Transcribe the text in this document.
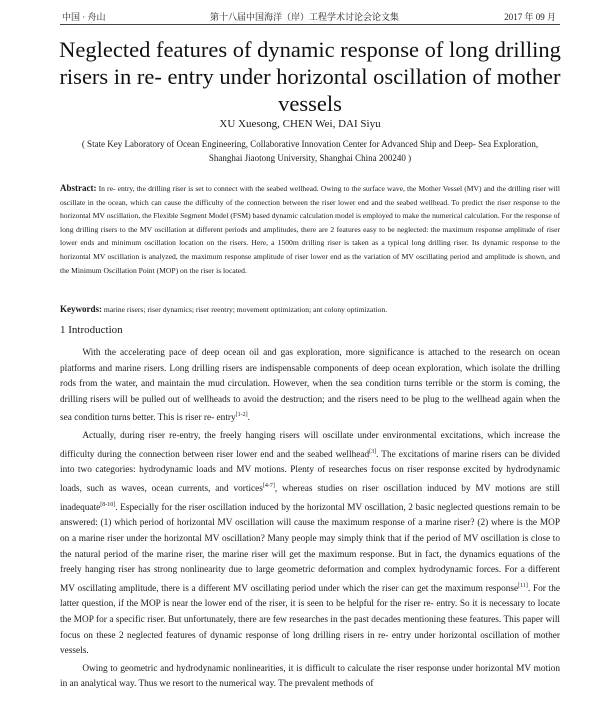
中国 · 舟山	第十八届中国海洋（岸）工程学术讨论会论文集	2017 年 09 月
Neglected features of dynamic response of long drilling risers in re- entry under horizontal oscillation of mother vessels
XU Xuesong, CHEN Wei, DAI Siyu
( State Key Laboratory of Ocean Engineering, Collaborative Innovation Center for Advanced Ship and Deep- Sea Exploration, Shanghai Jiaotong University, Shanghai China 200240 )
Abstract: In re- entry, the drilling riser is set to connect with the seabed wellhead. Owing to the surface wave, the Mother Vessel (MV) and the drilling riser will oscillate in the ocean, which can cause the difficulty of the connection between the riser lower end and the seabed wellhead. To predict the riser response to the horizontal MV oscillation, the Flexible Segment Model (FSM) based dynamic calculation model is employed to make the numerical calculation. For the response of long drilling risers to the MV oscillation at different periods and amplitudes, there are 2 features easy to be neglected: the maximum response amplitude of riser lower ends and minimum oscillation location on the risers. Here, a 1500m drilling riser is taken as a typical long drilling riser. Its dynamic response to the horizontal MV oscillation is analyzed, the maximum response amplitude of riser lower end as the variation of MV oscillating period and amplitude is shown, and the Minimum Oscillation Point (MOP) on the riser is located.
Keywords: marine risers; riser dynamics; riser reentry; movement optimization; ant colony optimization.
1 Introduction

With the accelerating pace of deep ocean oil and gas exploration, more significance is attached to the research on ocean platforms and marine risers. Long drilling risers are indispensable components of deep ocean exploration, which isolate the drilling rods from the water, and maintain the mud circulation. However, when the sea condition turns terrible or the storm is coming, the drilling risers will be pulled out of wellheads to avoid the destruction; and the risers need to be plug to the wellhead again when the sea condition turns better. This is riser re- entry[1-2].

Actually, during riser re-entry, the freely hanging risers will oscillate under environmental excitations, which increase the difficulty during the connection between riser lower end and the seabed wellhead[3]. The excitations of marine risers can be divided into two categories: hydrodynamic loads and MV motions. Plenty of researches focus on riser response excited by hydrodynamic loads, such as waves, ocean currents, and vortices[4-7], whereas studies on riser oscillation induced by MV motions are still inadequate[8-10]. Especially for the riser oscillation induced by the horizontal MV oscillation, 2 basic neglected questions remain to be answered: (1) which period of horizontal MV oscillation will cause the maximum response of a marine riser? (2) where is the MOP on a marine riser under the horizontal MV oscillation? Many people may simply think that if the period of MV oscillation is close to the natural period of the marine riser, the marine riser will get the maximum response. But in fact, the dynamics equations of the freely hanging riser has strong nonlinearity due to large geometric deformation and complex hydrodynamic forces. For a different MV oscillating amplitude, there is a different MV oscillating period under which the riser can get the maximum response[11]. For the latter question, if the MOP is near the lower end of the riser, it is seen to be helpful for the riser re- entry. So it is necessary to locate the MOP for a specific riser. But unfortunately, there are few researches in the past decades mentioning these features. This paper will focus on these 2 neglected features of dynamic response of long drilling risers in re- entry under horizontal oscillation of mother vessels.

Owing to geometric and hydrodynamic nonlinearities, it is difficult to calculate the riser response under horizontal MV motion in an analytical way. Thus we resort to the numerical way. The prevalent methods of
